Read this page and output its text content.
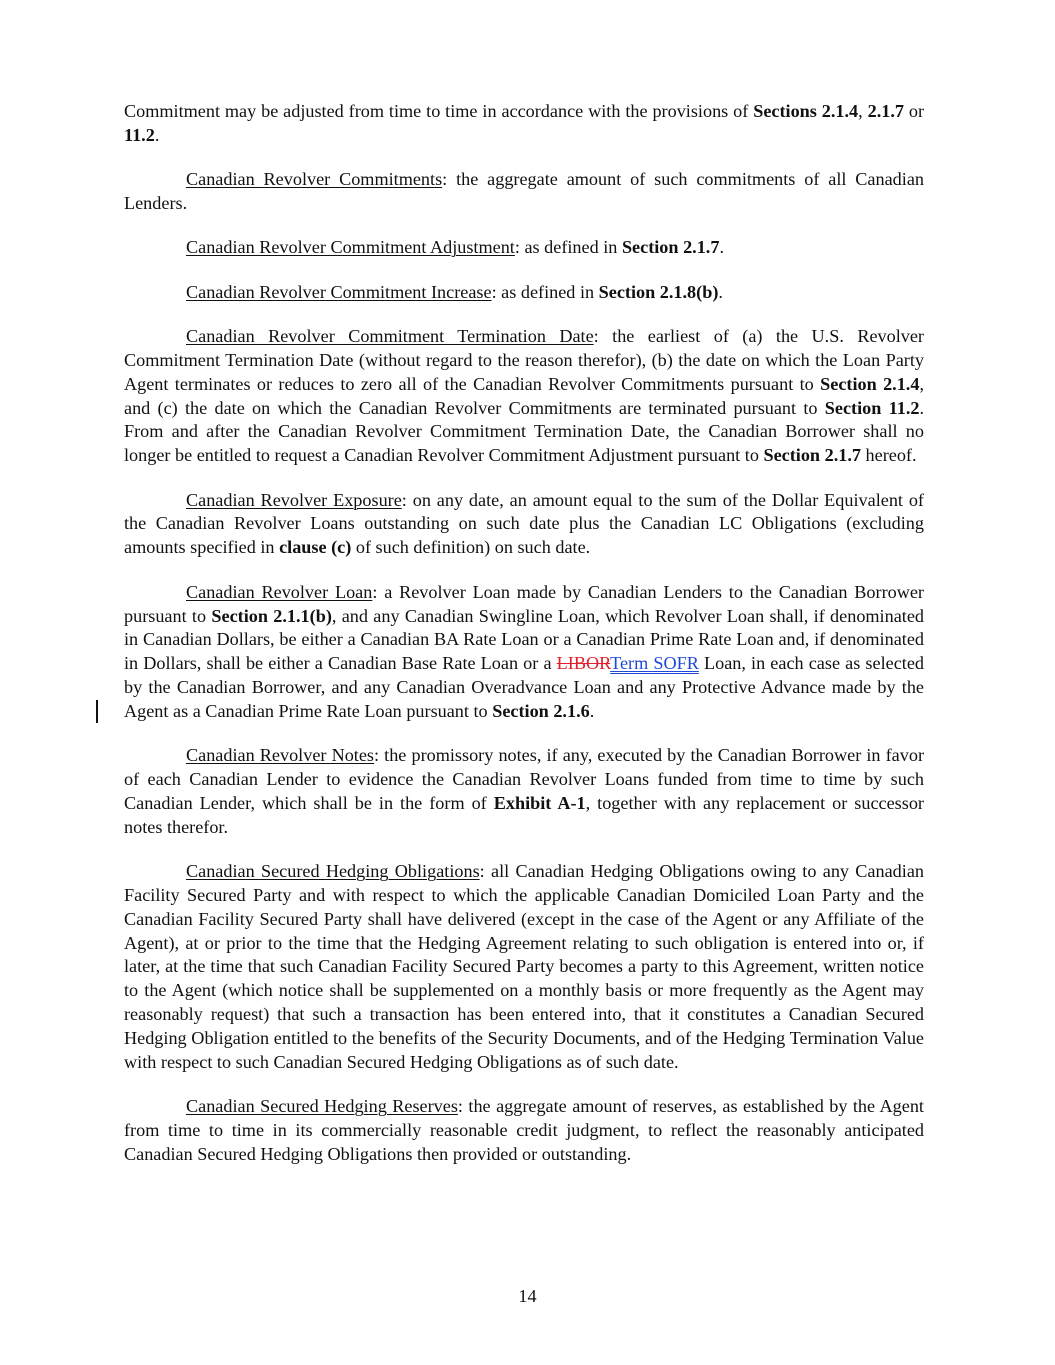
Commitment may be adjusted from time to time in accordance with the provisions of Sections 2.1.4, 2.1.7 or 11.2.

Canadian Revolver Commitments: the aggregate amount of such commitments of all Canadian Lenders.

Canadian Revolver Commitment Adjustment: as defined in Section 2.1.7.

Canadian Revolver Commitment Increase: as defined in Section 2.1.8(b).

Canadian Revolver Commitment Termination Date: the earliest of (a) the U.S. Revolver Commitment Termination Date (without regard to the reason therefor), (b) the date on which the Loan Party Agent terminates or reduces to zero all of the Canadian Revolver Commitments pursuant to Section 2.1.4, and (c) the date on which the Canadian Revolver Commitments are terminated pursuant to Section 11.2. From and after the Canadian Revolver Commitment Termination Date, the Canadian Borrower shall no longer be entitled to request a Canadian Revolver Commitment Adjustment pursuant to Section 2.1.7 hereof.

Canadian Revolver Exposure: on any date, an amount equal to the sum of the Dollar Equivalent of the Canadian Revolver Loans outstanding on such date plus the Canadian LC Obligations (excluding amounts specified in clause (c) of such definition) on such date.

Canadian Revolver Loan: a Revolver Loan made by Canadian Lenders to the Canadian Borrower pursuant to Section 2.1.1(b), and any Canadian Swingline Loan, which Revolver Loan shall, if denominated in Canadian Dollars, be either a Canadian BA Rate Loan or a Canadian Prime Rate Loan and, if denominated in Dollars, shall be either a Canadian Base Rate Loan or a LIBORTerm SOFR Loan, in each case as selected by the Canadian Borrower, and any Canadian Overadvance Loan and any Protective Advance made by the Agent as a Canadian Prime Rate Loan pursuant to Section 2.1.6.

Canadian Revolver Notes: the promissory notes, if any, executed by the Canadian Borrower in favor of each Canadian Lender to evidence the Canadian Revolver Loans funded from time to time by such Canadian Lender, which shall be in the form of Exhibit A-1, together with any replacement or successor notes therefor.

Canadian Secured Hedging Obligations: all Canadian Hedging Obligations owing to any Canadian Facility Secured Party and with respect to which the applicable Canadian Domiciled Loan Party and the Canadian Facility Secured Party shall have delivered (except in the case of the Agent or any Affiliate of the Agent), at or prior to the time that the Hedging Agreement relating to such obligation is entered into or, if later, at the time that such Canadian Facility Secured Party becomes a party to this Agreement, written notice to the Agent (which notice shall be supplemented on a monthly basis or more frequently as the Agent may reasonably request) that such a transaction has been entered into, that it constitutes a Canadian Secured Hedging Obligation entitled to the benefits of the Security Documents, and of the Hedging Termination Value with respect to such Canadian Secured Hedging Obligations as of such date.

Canadian Secured Hedging Reserves: the aggregate amount of reserves, as established by the Agent from time to time in its commercially reasonable credit judgment, to reflect the reasonably anticipated Canadian Secured Hedging Obligations then provided or outstanding.

14
